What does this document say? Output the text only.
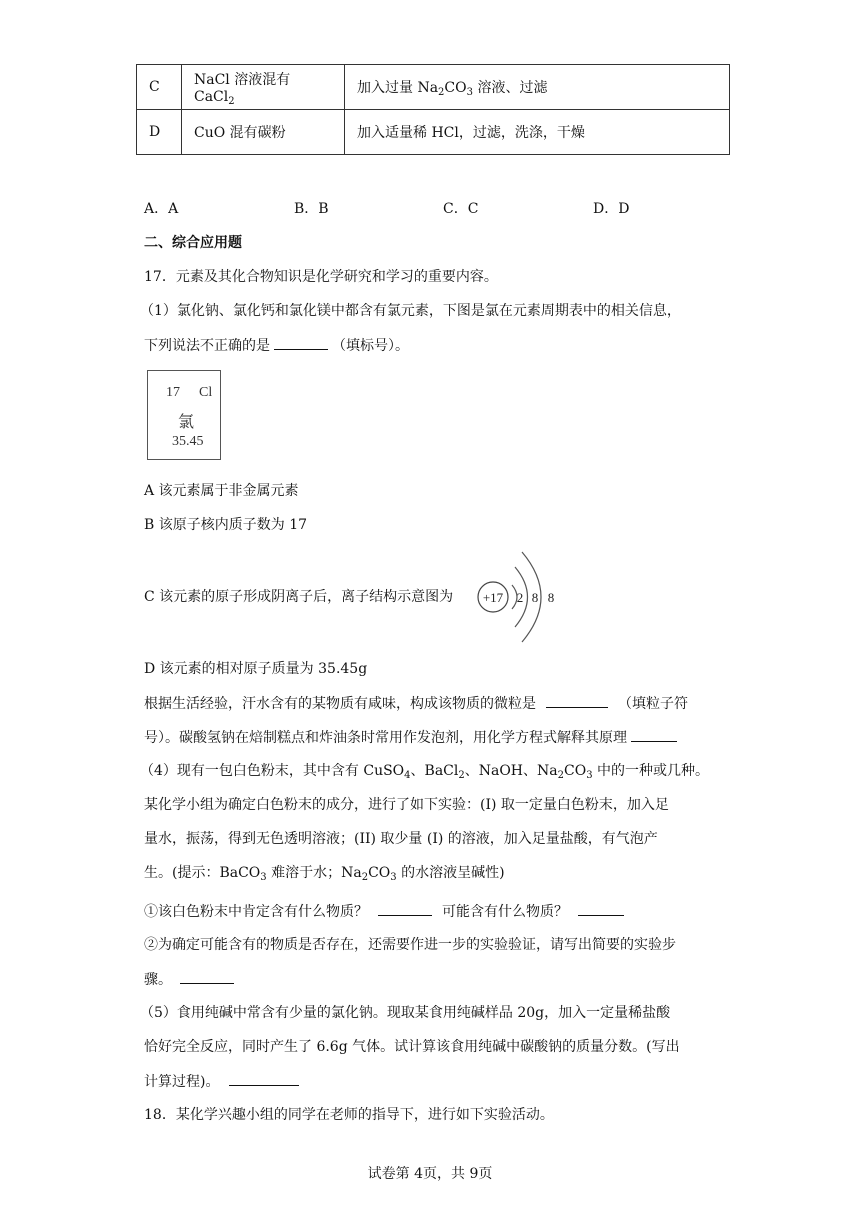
C	NaCl 溶液混有 CaCl$_2$	加入过量 $Na_2CO_3$ 溶液、过滤
D	CuO 混有碳粉	加入适量稀 HCl，过滤，洗涤，干燥
A．A	B．B	C．C	D．D
二、综合应用题
17．元素及其化合物知识是化学研究和学习的重要内容。
（1）氯化钠、氯化钙和氯化镁中都含有氯元素，下图是氯在元素周期表中的相关信息，
下列说法不正确的是	（填标号）。
17 Cl
氯
35.45
A 该元素属于非金属元素
B 该原子核内质子数为 17
C 该元素的原子形成阴离子后，离子结构示意图为 +17 2 8 8
D 该元素的相对原子质量为 35.45g
根据生活经验，汗水含有的某物质有咸味，构成该物质的微粒是	（填粒子符
号）。碳酸氢钠在焙制糕点和炸油条时常用作发泡剂，用化学方程式解释其原理
（4）现有一包白色粉末，其中含有 CuSO$_4$、BaCl$_2$、NaOH、$Na_2CO_3$ 中的一种或几种。
某化学小组为确定白色粉末的成分，进行了如下实验：(I) 取一定量白色粉末，加入足
量水，振荡，得到无色透明溶液；(II) 取少量 (I) 的溶液，加入足量盐酸，有气泡产
生。(提示：BaCO$_3$ 难溶于水；$Na_2CO_3$ 的水溶液呈碱性)
①该白色粉末中肯定含有什么物质？	可能含有什么物质？
②为确定可能含有的物质是否存在，还需要作进一步的实验验证，请写出简要的实验步
骤。
（5）食用纯碱中常含有少量的氯化钠。现取某食用纯碱样品 20g，加入一定量稀盐酸
恰好完全反应，同时产生了 6.6g 气体。试计算该食用纯碱中碳酸钠的质量分数。(写出
计算过程)。
18．某化学兴趣小组的同学在老师的指导下，进行如下实验活动。
试卷第 4页，共 9页
